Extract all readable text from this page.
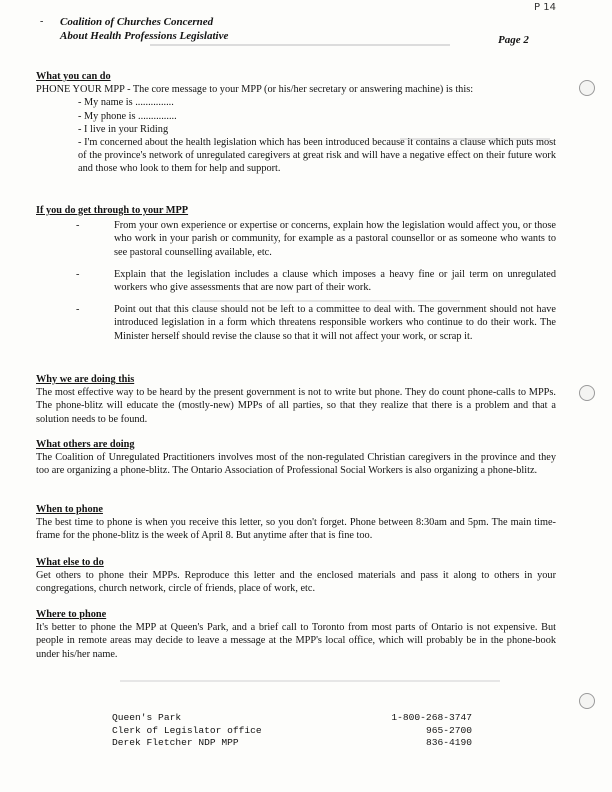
P 14
- Coalition of Churches Concerned
About Health Professions Legislative	Page 2
What you can do
PHONE YOUR MPP - The core message to your MPP (or his/her secretary or answering machine) is this:
- My name is ...............
- My phone is ...............
- I live in your Riding
- I'm concerned about the health legislation which has been introduced because it contains a clause which puts most of the province's network of unregulated caregivers at great risk and will have a negative effect on their future work and those who look to them for help and support.
If you do get through to your MPP
-	From your own experience or expertise or concerns, explain how the legislation would affect you, or those who work in your parish or community, for example as a pastoral counsellor or as someone who wants to see pastoral counselling available, etc.
-	Explain that the legislation includes a clause which imposes a heavy fine or jail term on unregulated workers who give assessments that are now part of their work.
-	Point out that this clause should not be left to a committee to deal with. The government should not have introduced legislation in a form which threatens responsible workers who continue to do their work. The Minister herself should revise the clause so that it will not affect your work, or scrap it.
Why we are doing this
The most effective way to be heard by the present government is not to write but phone. They do count phone-calls to MPPs. The phone-blitz will educate the (mostly-new) MPPs of all parties, so that they realize that there is a problem and that a solution needs to be found.
What others are doing
The Coalition of Unregulated Practitioners involves most of the non-regulated Christian caregivers in the province and they too are organizing a phone-blitz. The Ontario Association of Professional Social Workers is also organizing a phone-blitz.
When to phone
The best time to phone is when you receive this letter, so you don't forget. Phone between 8:30am and 5pm. The main time-frame for the phone-blitz is the week of April 8. But anytime after that is fine too.
What else to do
Get others to phone their MPPs. Reproduce this letter and the enclosed materials and pass it along to others in your congregations, church network, circle of friends, place of work, etc.
Where to phone
It's better to phone the MPP at Queen's Park, and a brief call to Toronto from most parts of Ontario is not expensive. But people in remote areas may decide to leave a message at the MPP's local office, which will probably be in the phone-book under his/her name.
Queen's Park	1-800-268-3747
Clerk of Legislator office	965-2700
Derek Fletcher NDP MPP	836-4190
